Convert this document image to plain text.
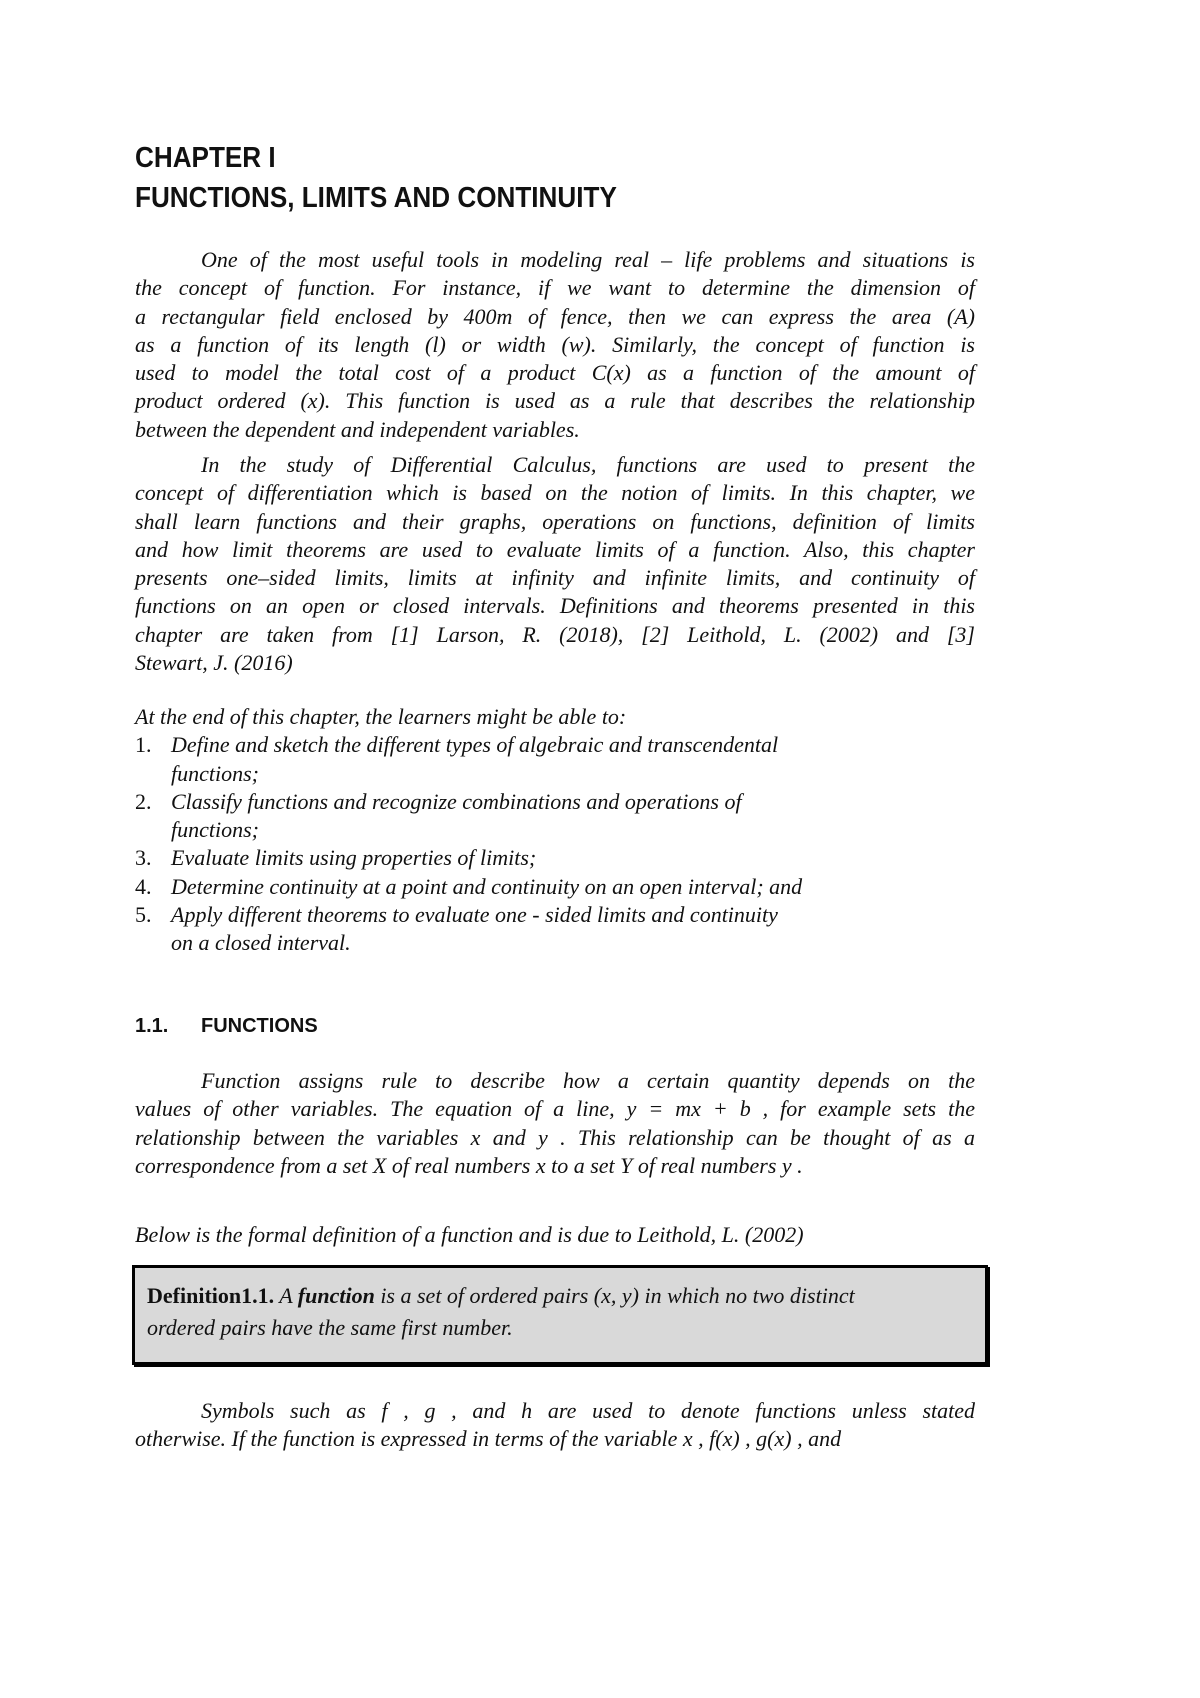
CHAPTER I
FUNCTIONS, LIMITS AND CONTINUITY
One of the most useful tools in modeling real – life problems and situations is
the concept of function. For instance, if we want to determine the dimension of
a rectangular field enclosed by 400m of fence, then we can express the area (A)
as a function of its length (l) or width (w). Similarly, the concept of function is
used to model the total cost of a product C(x) as a function of the amount of
product ordered (x). This function is used as a rule that describes the relationship
between the dependent and independent variables.
In the study of Differential Calculus, functions are used to present the
concept of differentiation which is based on the notion of limits. In this chapter, we
shall learn functions and their graphs, operations on functions, definition of limits
and how limit theorems are used to evaluate limits of a function. Also, this chapter
presents one–sided limits, limits at infinity and infinite limits, and continuity of
functions on an open or closed intervals. Definitions and theorems presented in this
chapter are taken from [1] Larson, R. (2018), [2] Leithold, L. (2002) and [3]
Stewart, J. (2016)
At the end of this chapter, the learners might be able to:
1. Define and sketch the different types of algebraic and transcendental
functions;
2. Classify functions and recognize combinations and operations of
functions;
3. Evaluate limits using properties of limits;
4. Determine continuity at a point and continuity on an open interval; and
5. Apply different theorems to evaluate one - sided limits and continuity
on a closed interval.
1.1.	FUNCTIONS
Function assigns rule to describe how a certain quantity depends on the
values of other variables. The equation of a line, y = mx + b , for example sets the
relationship between the variables x and y . This relationship can be thought of as a
correspondence from a set X of real numbers x to a set Y of real numbers y .
Below is the formal definition of a function and is due to Leithold, L. (2002)
Definition1.1. A function is a set of ordered pairs (x, y) in which no two distinct
ordered pairs have the same first number.
Symbols such as f , g , and h are used to denote functions unless stated
otherwise. If the function is expressed in terms of the variable x , f(x) , g(x) , and
